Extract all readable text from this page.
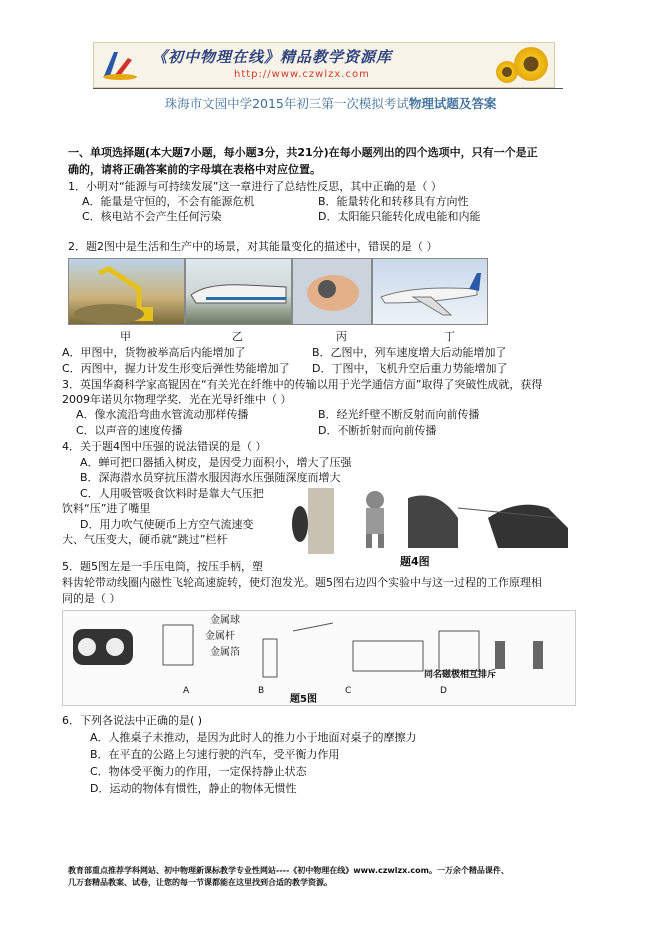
《初中物理在线》精品教学资源库
http://www.czwlzx.com
珠海市文园中学2015年初三第一次模拟考试物理试题及答案
一、单项选择题(本大题7小题，每小题3分，共21分)在每小题列出的四个选项中，只有一个是正
确的，请将正确答案前的字母填在表格中对应位置。
1．小明对“能源与可持续发展”这一章进行了总结性反思，其中正确的是（ ）
A．能量是守恒的，不会有能源危机	B．能量转化和转移具有方向性
C．核电站不会产生任何污染	D．太阳能只能转化成电能和内能
2．题2图中是生活和生产中的场景，对其能量变化的描述中，错误的是（ ）
甲	乙	丙	丁
A．甲图中，货物被举高后内能增加了	B．乙图中，列车速度增大后动能增加了
C．丙图中，握力计发生形变后弹性势能增加了 D．丁图中，飞机升空后重力势能增加了
3．英国华裔科学家高锟因在“有关光在纤维中的传输以用于光学通信方面”取得了突破性成就，获得
2009年诺贝尔物理学奖．光在光导纤维中（ ）
A．像水流沿弯曲水管流动那样传播	B．经光纤壁不断反射而向前传播
C．以声音的速度传播	D．不断折射而向前传播
4．关于题4图中压强的说法错误的是（ ）
A．蝉可把口器插入树皮，是因受力面积小，增大了压强
B．深海潜水员穿抗压潜水服因海水压强随深度而增大
C．人用吸管吸食饮料时是靠大气压把
饮料“压”进了嘴里
D．用力吹气使硬币上方空气流速变
大、气压变大，硬币就“跳过”栏杆
题4图
5．题5图左是一手压电筒，按压手柄，塑
料齿轮带动线圈内磁性飞轮高速旋转，使灯泡发光。题5图右边四个实验中与这一过程的工作原理相
同的是（ ）
金属球
金属杆
金属箔
A	B	C	D
同名磁极相互排斥
题5图
6．下列各说法中正确的是( )
A．人推桌子未推动，是因为此时人的推力小于地面对桌子的摩擦力
B．在平直的公路上匀速行驶的汽车，受平衡力作用
C．物体受平衡力的作用，一定保持静止状态
D．运动的物体有惯性，静止的物体无惯性
教育部重点推荐学科网站、初中物理新课标教学专业性网站----《初中物理在线》www.czwlzx.com。一万余个精品课件、
几万套精品教案、试卷，让您的每一节课都能在这里找到合适的教学资源。
